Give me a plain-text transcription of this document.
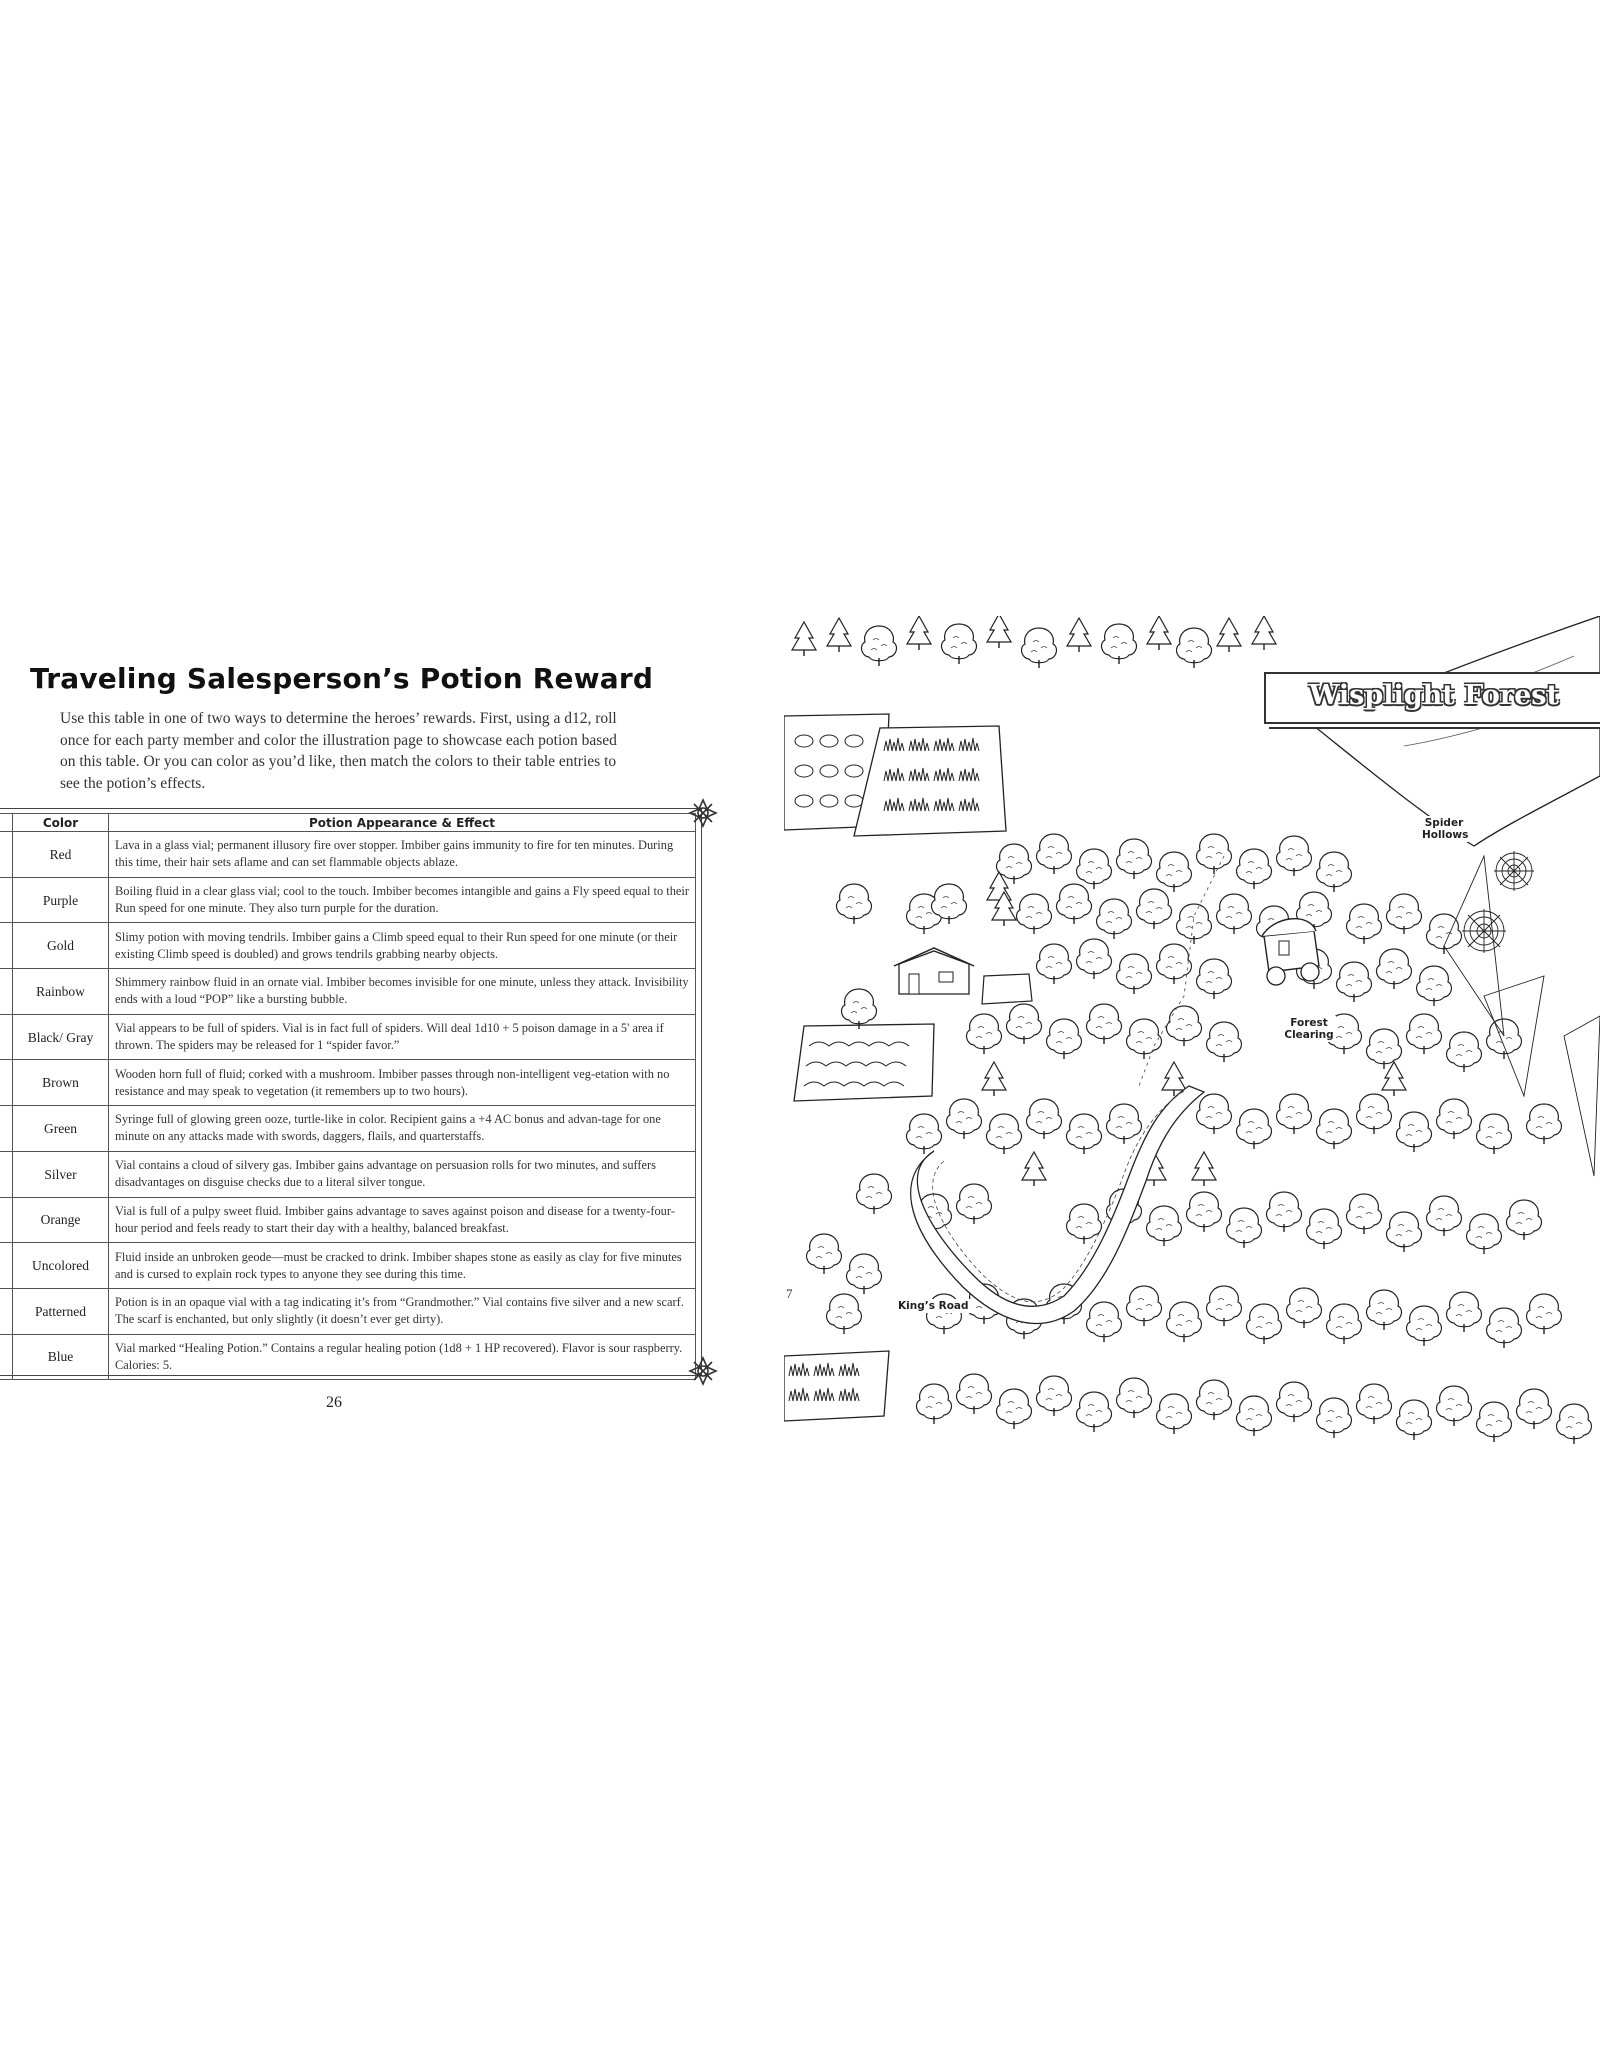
Traveling Salesperson’s Potion Reward
Use this table in one of two ways to determine the heroes’ rewards. First, using a d12, roll once for each party member and color the illustration page to showcase each potion based on this table. Or you can color as you’d like, then match the colors to their table entries to see the potion’s effects.
	Color	Potion Appearance & Effect
	Red	Lava in a glass vial; permanent illusory fire over stopper. Imbiber gains immunity to fire for ten minutes. During this time, their hair sets aflame and can set flammable objects ablaze.
	Purple	Boiling fluid in a clear glass vial; cool to the touch. Imbiber becomes intangible and gains a Fly speed equal to their Run speed for one minute. They also turn purple for the duration.
	Gold	Slimy potion with moving tendrils. Imbiber gains a Climb speed equal to their Run speed for one minute (or their existing Climb speed is doubled) and grows tendrils grabbing nearby objects.
	Rainbow	Shimmery rainbow fluid in an ornate vial. Imbiber becomes invisible for one minute, unless they attack. Invisibility ends with a loud “POP” like a bursting bubble.
	Black/ Gray	Vial appears to be full of spiders. Vial is in fact full of spiders. Will deal 1d10 + 5 poison damage in a 5' area if thrown. The spiders may be released for 1 “spider favor.”
	Brown	Wooden horn full of fluid; corked with a mushroom. Imbiber passes through non-intelligent veg-etation with no resistance and may speak to vegetation (it remembers up to two hours).
	Green	Syringe full of glowing green ooze, turtle-like in color. Recipient gains a +4 AC bonus and advan-tage for one minute on any attacks made with swords, daggers, flails, and quarterstaffs.
	Silver	Vial contains a cloud of silvery gas. Imbiber gains advantage on persuasion rolls for two minutes, and suffers disadvantages on disguise checks due to a literal silver tongue.
	Orange	Vial is full of a pulpy sweet fluid. Imbiber gains advantage to saves against poison and disease for a twenty-four-hour period and feels ready to start their day with a healthy, balanced breakfast.
	Uncolored	Fluid inside an unbroken geode—must be cracked to drink. Imbiber shapes stone as easily as clay for five minutes and is cursed to explain rock types to anyone they see during this time.
	Patterned	Potion is in an opaque vial with a tag indicating it’s from “Grandmother.” Vial contains five silver and a new scarf. The scarf is enchanted, but only slightly (it doesn’t ever get dirty).
	Blue	Vial marked “Healing Potion.” Contains a regular healing potion (1d8 + 1 HP recovered). Flavor is sour raspberry. Calories: 5.
26
Wisplight Forest
Spider Hollows
Forest Clearing
King’s Road
7
